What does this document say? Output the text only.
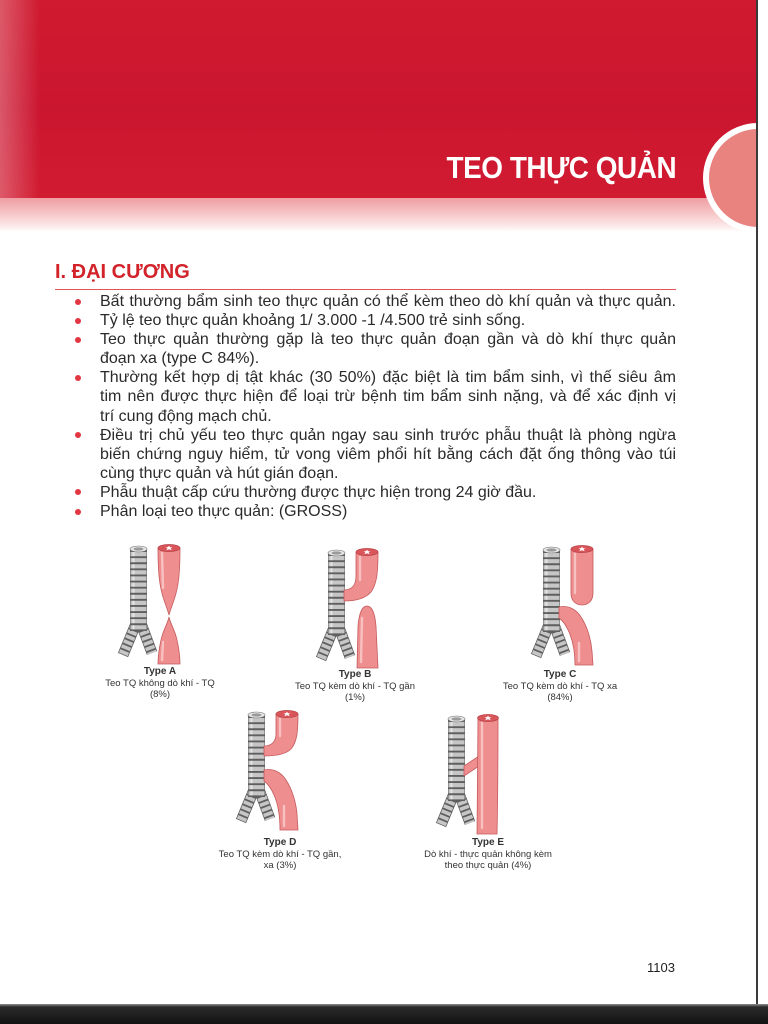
TEO THỰC QUẢN
I. ĐẠI CƯƠNG
Bất thường bẩm sinh teo thực quản có thể kèm theo dò khí quản và thực quản.
Tỷ lệ teo thực quản khoảng 1/ 3.000 -1 /4.500 trẻ sinh sống.
Teo thực quản thường gặp là teo thực quản đoạn gần và dò khí thực quản
đoạn xa (type C 84%).
Thường kết hợp dị tật khác (30 50%) đặc biệt là tim bẩm sinh, vì thế siêu âm
tim nên được thực hiện để loại trừ bệnh tim bẩm sinh nặng, và để xác định vị
trí cung động mạch chủ.
Điều trị chủ yếu teo thực quản ngay sau sinh trước phẫu thuật là phòng ngừa
biến chứng nguy hiểm, tử vong viêm phổi hít bằng cách đặt ống thông vào túi
cùng thực quản và hút gián đoạn.
Phẫu thuật cấp cứu thường được thực hiện trong 24 giờ đầu.
Phân loại teo thực quản: (GROSS)
Type A
Teo TQ không dò khí - TQ
(8%)
Type B
Teo TQ kèm dò khí - TQ gần
(1%)
Type C
Teo TQ kèm dò khí - TQ xa
(84%)
Type D
Teo TQ kèm dò khí - TQ gần,
xa (3%)
Type E
Dò khí - thực quản không kèm
theo thực quản (4%)
1103
